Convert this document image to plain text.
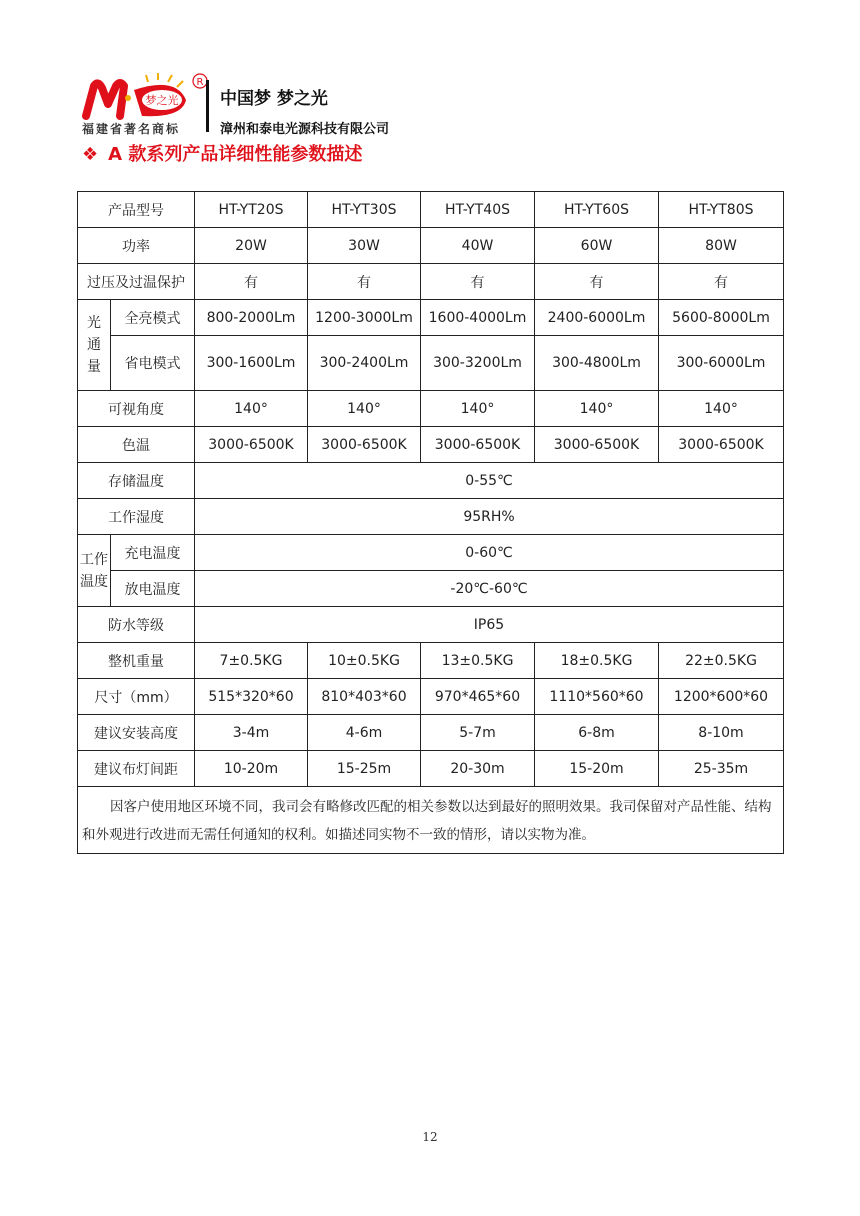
梦之光
R
福建省著名商标
中国梦 梦之光
漳州和泰电光源科技有限公司
❖ A 款系列产品详细性能参数描述
产品型号		HT-YT20S	HT-YT30S	HT-YT40S	HT-YT60S	HT-YT80S
功率		20W	30W	40W	60W	80W
过压及过温保护		有	有	有	有	有
光
通
量	全亮模式	800-2000Lm	1200-3000Lm	1600-4000Lm	2400-6000Lm	5600-8000Lm
	省电模式	300-1600Lm	300-2400Lm	300-3200Lm	300-4800Lm	300-6000Lm
可视角度		140°	140°	140°	140°	140°
色温		3000-6500K	3000-6500K	3000-6500K	3000-6500K	3000-6500K
存储温度		0-55℃				
工作湿度		95RH%				
工作
温度	充电温度	0-60℃				
	放电温度	-20℃-60℃				
防水等级		IP65				
整机重量		7±0.5KG	10±0.5KG	13±0.5KG	18±0.5KG	22±0.5KG
尺寸（mm）		515*320*60	810*403*60	970*465*60	1110*560*60	1200*600*60
建议安装高度		3-4m	4-6m	5-7m	6-8m	8-10m
建议布灯间距		10-20m	15-25m	20-30m	15-20m	25-35m
因客户使用地区环境不同，我司会有略修改匹配的相关参数以达到最好的照明效果。我司保留对产品性能、结构和外观进行改进而无需任何通知的权利。如描述同实物不一致的情形，请以实物为准。						
12
